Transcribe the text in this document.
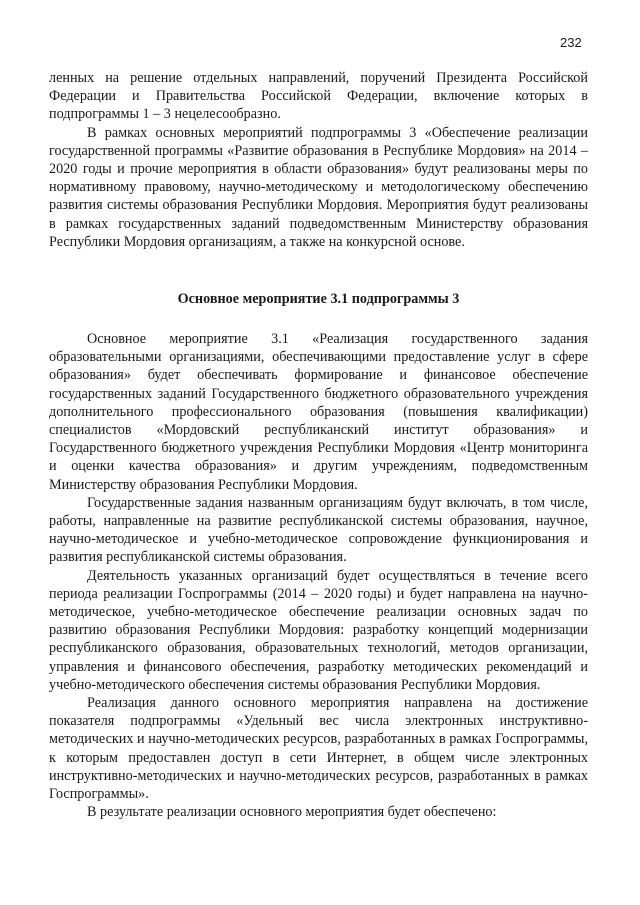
232

ленных на решение отдельных направлений, поручений Президента Российской Федерации и Правительства Российской Федерации, включение которых в подпрограммы 1 – 3 нецелесообразно.

В рамках основных мероприятий подпрограммы 3 «Обеспечение реализации государственной программы «Развитие образования в Республике Мордовия» на 2014 – 2020 годы и прочие мероприятия в области образования» будут реализованы меры по нормативному правовому, научно-методическому и методологическому обеспечению развития системы образования Республики Мордовия. Мероприятия будут реализованы в рамках государственных заданий подведомственным Министерству образования Республики Мордовия организациям, а также на конкурсной основе.

Основное мероприятие 3.1 подпрограммы 3

Основное мероприятие 3.1 «Реализация государственного задания образовательными организациями, обеспечивающими предоставление услуг в сфере образования» будет обеспечивать формирование и финансовое обеспечение государственных заданий Государственного бюджетного образовательного учреждения дополнительного профессионального образования (повышения квалификации) специалистов «Мордовский республиканский институт образования» и Государственного бюджетного учреждения Республики Мордовия «Центр мониторинга и оценки качества образования» и другим учреждениям, подведомственным Министерству образования Республики Мордовия.

Государственные задания названным организациям будут включать, в том числе, работы, направленные на развитие республиканской системы образования, научное, научно-методическое и учебно-методическое сопровождение функционирования и развития республиканской системы образования.

Деятельность указанных организаций будет осуществляться в течение всего периода реализации Госпрограммы (2014 – 2020 годы) и будет направлена на научно-методическое, учебно-методическое обеспечение реализации основных задач по развитию образования Республики Мордовия: разработку концепций модернизации республиканского образования, образовательных технологий, методов организации, управления и финансового обеспечения, разработку методических рекомендаций и учебно-методического обеспечения системы образования Республики Мордовия.

Реализация данного основного мероприятия направлена на достижение показателя подпрограммы «Удельный вес числа электронных инструктивно-методических и научно-методических ресурсов, разработанных в рамках Госпрограммы, к которым предоставлен доступ в сети Интернет, в общем числе электронных инструктивно-методических и научно-методических ресурсов, разработанных в рамках Госпрограммы».

В результате реализации основного мероприятия будет обеспечено:
